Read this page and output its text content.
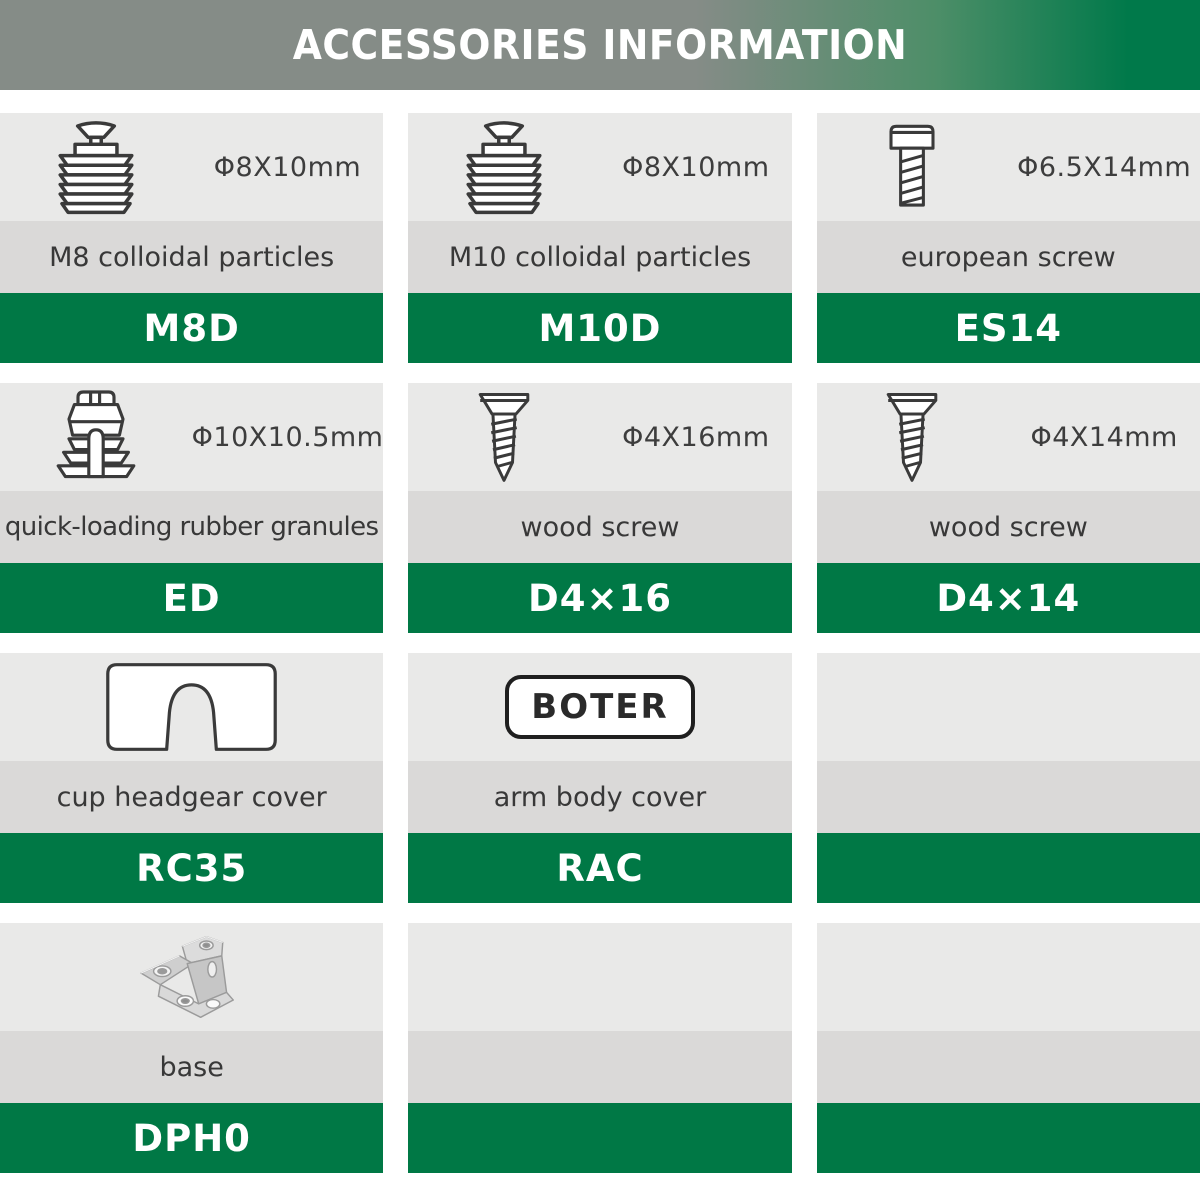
ACCESSORIES INFORMATION
Φ8X10mm
M8 colloidal particles
M8D
Φ8X10mm
M10 colloidal particles
M10D
Φ6.5X14mm
european screw
ES14
Φ10X10.5mm
quick-loading rubber granules
ED
Φ4X16mm
wood screw
D4×16
Φ4X14mm
wood screw
D4×14
cup headgear cover
RC35
BOTER
arm body cover
RAC
base
DPH0
